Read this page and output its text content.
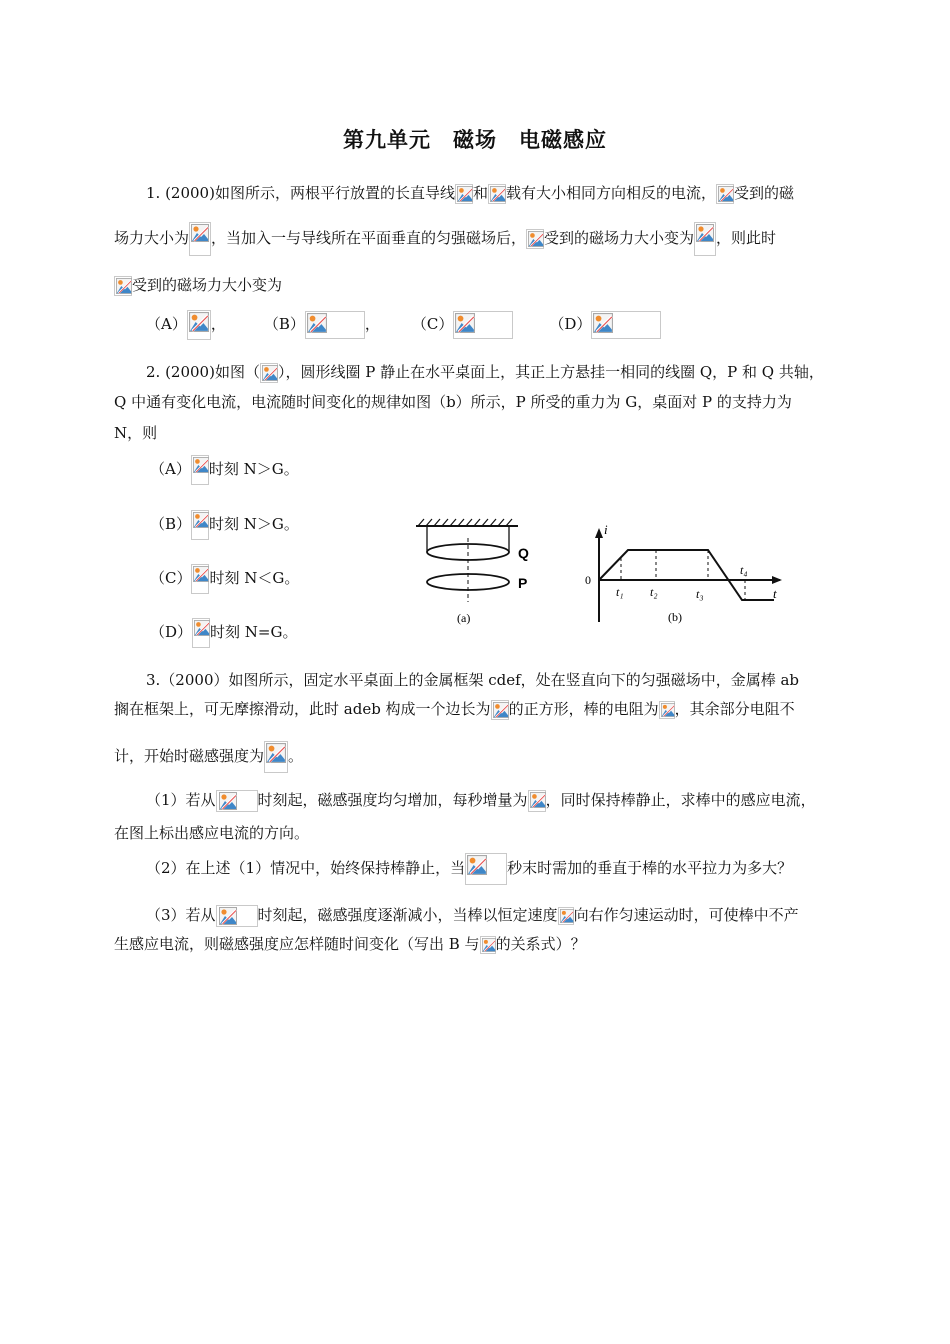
第九单元　磁场　电磁感应
1. (2000)如图所示，两根平行放置的长直导线 和 载有大小相同方向相反的电流， 受到的磁
场力大小为 ，当加入一与导线所在平面垂直的匀强磁场后， 受到的磁场力大小变为 ，则此时
受到的磁场力大小变为
（A） ，	（B）	， （C）	（D）
2. (2000)如图（ ），圆形线圈 P 静止在水平桌面上，其正上方悬挂一相同的线圈 Q，P 和 Q 共轴，
Q 中通有变化电流，电流随时间变化的规律如图（b）所示，P 所受的重力为 G，桌面对 P 的支持力为
N，则
（A） 时刻 N＞G。
（B） 时刻 N＞G。
（C） 时刻 N＜G。
（D） 时刻 N=G。
Q
P
(a)
i
t
0
t₁ t₂	t₃
t₄
(b)
3.（2000）如图所示，固定水平桌面上的金属框架 cdef，处在竖直向下的匀强磁场中，金属棒 ab
搁在框架上，可无摩擦滑动，此时 adeb 构成一个边长为 的正方形，棒的电阻为 ，其余部分电阻不
计，开始时磁感强度为 。
（1）若从	时刻起，磁感强度均匀增加，每秒增量为 ，同时保持棒静止，求棒中的感应电流，
在图上标出感应电流的方向。
（2）在上述（1）情况中，始终保持棒静止，当	秒末时需加的垂直于棒的水平拉力为多大？
（3）若从	时刻起，磁感强度逐渐减小，当棒以恒定速度 向右作匀速运动时，可使棒中不产
生感应电流，则磁感强度应怎样随时间变化（写出 B 与 的关系式）？
